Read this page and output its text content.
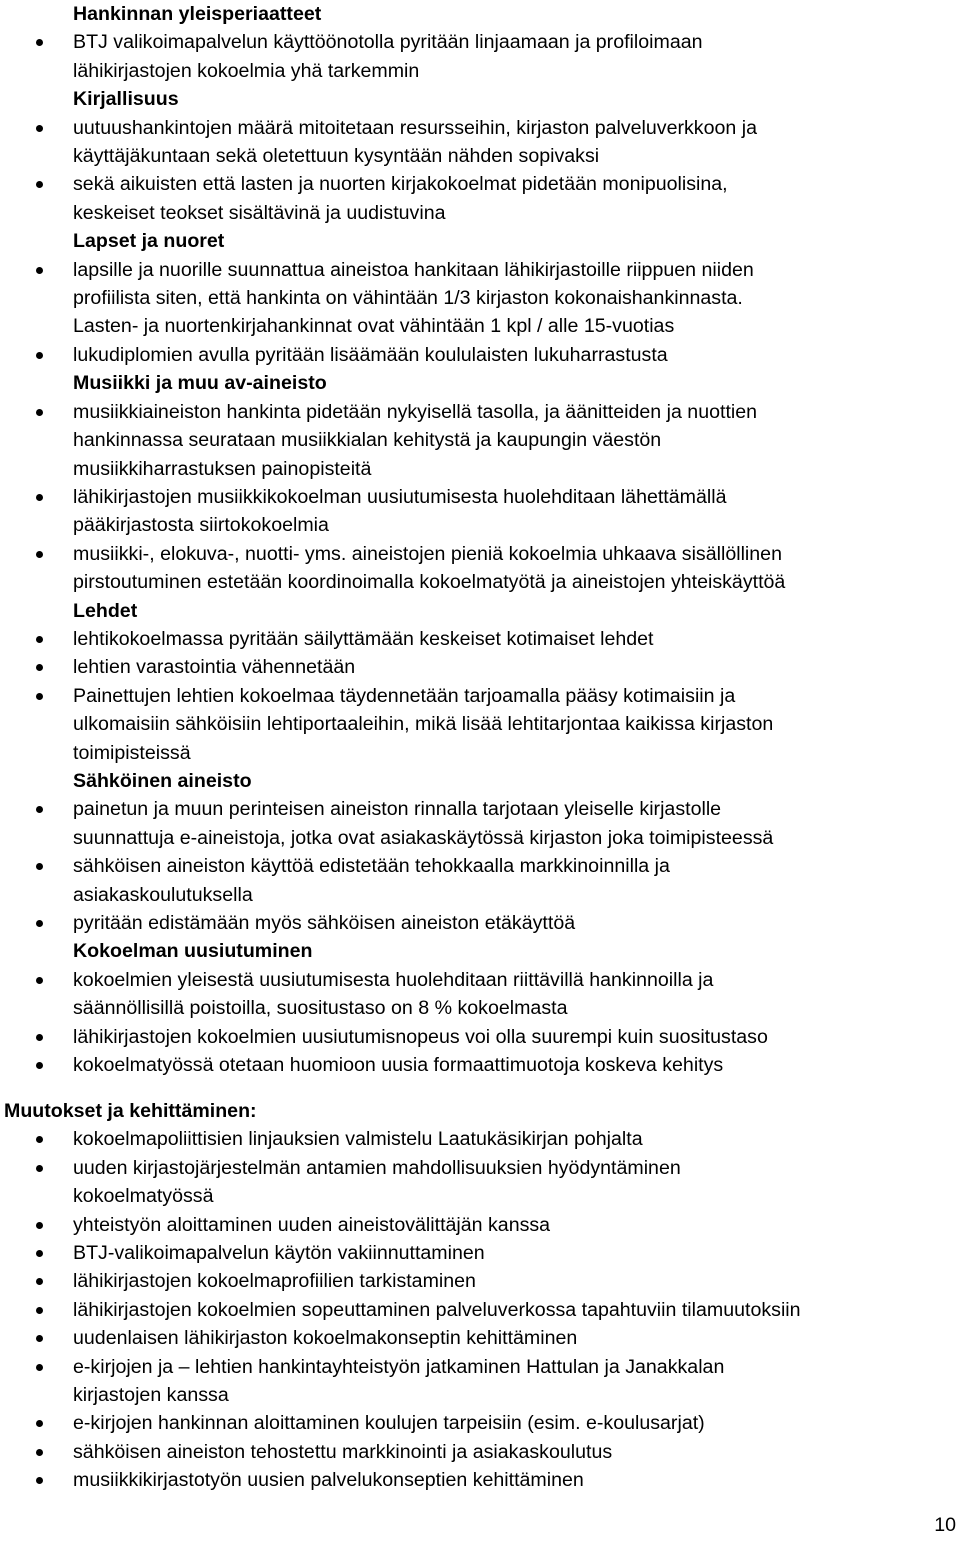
Hankinnan yleisperiaatteet
BTJ valikoimapalvelun käyttöönotolla pyritään linjaamaan ja profiloimaan
lähikirjastojen kokoelmia yhä tarkemmin
Kirjallisuus
uutuushankintojen määrä mitoitetaan resursseihin, kirjaston palveluverkkoon ja
käyttäjäkuntaan sekä oletettuun kysyntään nähden sopivaksi
sekä aikuisten että lasten ja nuorten kirjakokoelmat pidetään monipuolisina,
keskeiset teokset sisältävinä ja uudistuvina
Lapset ja nuoret
lapsille ja nuorille suunnattua aineistoa hankitaan lähikirjastoille riippuen niiden
profiilista siten, että hankinta on vähintään 1/3 kirjaston kokonaishankinnasta.
Lasten- ja nuortenkirjahankinnat ovat vähintään 1 kpl / alle 15-vuotias
lukudiplomien avulla pyritään lisäämään koululaisten lukuharrastusta
Musiikki ja muu av-aineisto
musiikkiaineiston hankinta pidetään nykyisellä tasolla, ja äänitteiden ja nuottien
hankinnassa seurataan musiikkialan kehitystä ja kaupungin väestön
musiikkiharrastuksen painopisteitä
lähikirjastojen musiikkikokoelman uusiutumisesta huolehditaan lähettämällä
pääkirjastosta siirtokokoelmia
musiikki-, elokuva-, nuotti- yms. aineistojen pieniä kokoelmia uhkaava sisällöllinen
pirstoutuminen estetään koordinoimalla kokoelmatyötä ja aineistojen yhteiskäyttöä
Lehdet
lehtikokoelmassa pyritään säilyttämään keskeiset kotimaiset lehdet
lehtien varastointia vähennetään
Painettujen lehtien kokoelmaa täydennetään tarjoamalla pääsy kotimaisiin ja
ulkomaisiin sähköisiin lehtiportaaleihin, mikä lisää lehtitarjontaa kaikissa kirjaston
toimipisteissä
Sähköinen aineisto
painetun ja muun perinteisen aineiston rinnalla tarjotaan yleiselle kirjastolle
suunnattuja e-aineistoja, jotka ovat asiakaskäytössä kirjaston joka toimipisteessä
sähköisen aineiston käyttöä edistetään tehokkaalla markkinoinnilla ja
asiakaskoulutuksella
pyritään edistämään myös sähköisen aineiston etäkäyttöä
Kokoelman uusiutuminen
kokoelmien yleisestä uusiutumisesta huolehditaan riittävillä hankinnoilla ja
säännöllisillä poistoilla, suositustaso on 8 % kokoelmasta
lähikirjastojen kokoelmien uusiutumisnopeus voi olla suurempi kuin suositustaso
kokoelmatyössä otetaan huomioon uusia formaattimuotoja koskeva kehitys
Muutokset ja kehittäminen:
kokoelmapoliittisien linjauksien valmistelu Laatukäsikirjan pohjalta
uuden kirjastojärjestelmän antamien mahdollisuuksien hyödyntäminen
kokoelmatyössä
yhteistyön aloittaminen uuden aineistovälittäjän kanssa
BTJ-valikoimapalvelun käytön vakiinnuttaminen
lähikirjastojen kokoelmaprofiilien tarkistaminen
lähikirjastojen kokoelmien sopeuttaminen palveluverkossa tapahtuviin tilamuutoksiin
uudenlaisen lähikirjaston kokoelmakonseptin kehittäminen
e-kirjojen ja – lehtien hankintayhteistyön jatkaminen Hattulan ja Janakkalan
kirjastojen kanssa
e-kirjojen hankinnan aloittaminen koulujen tarpeisiin (esim. e-koulusarjat)
sähköisen aineiston tehostettu markkinointi ja asiakaskoulutus
musiikkikirjastotyön uusien palvelukonseptien kehittäminen
10
